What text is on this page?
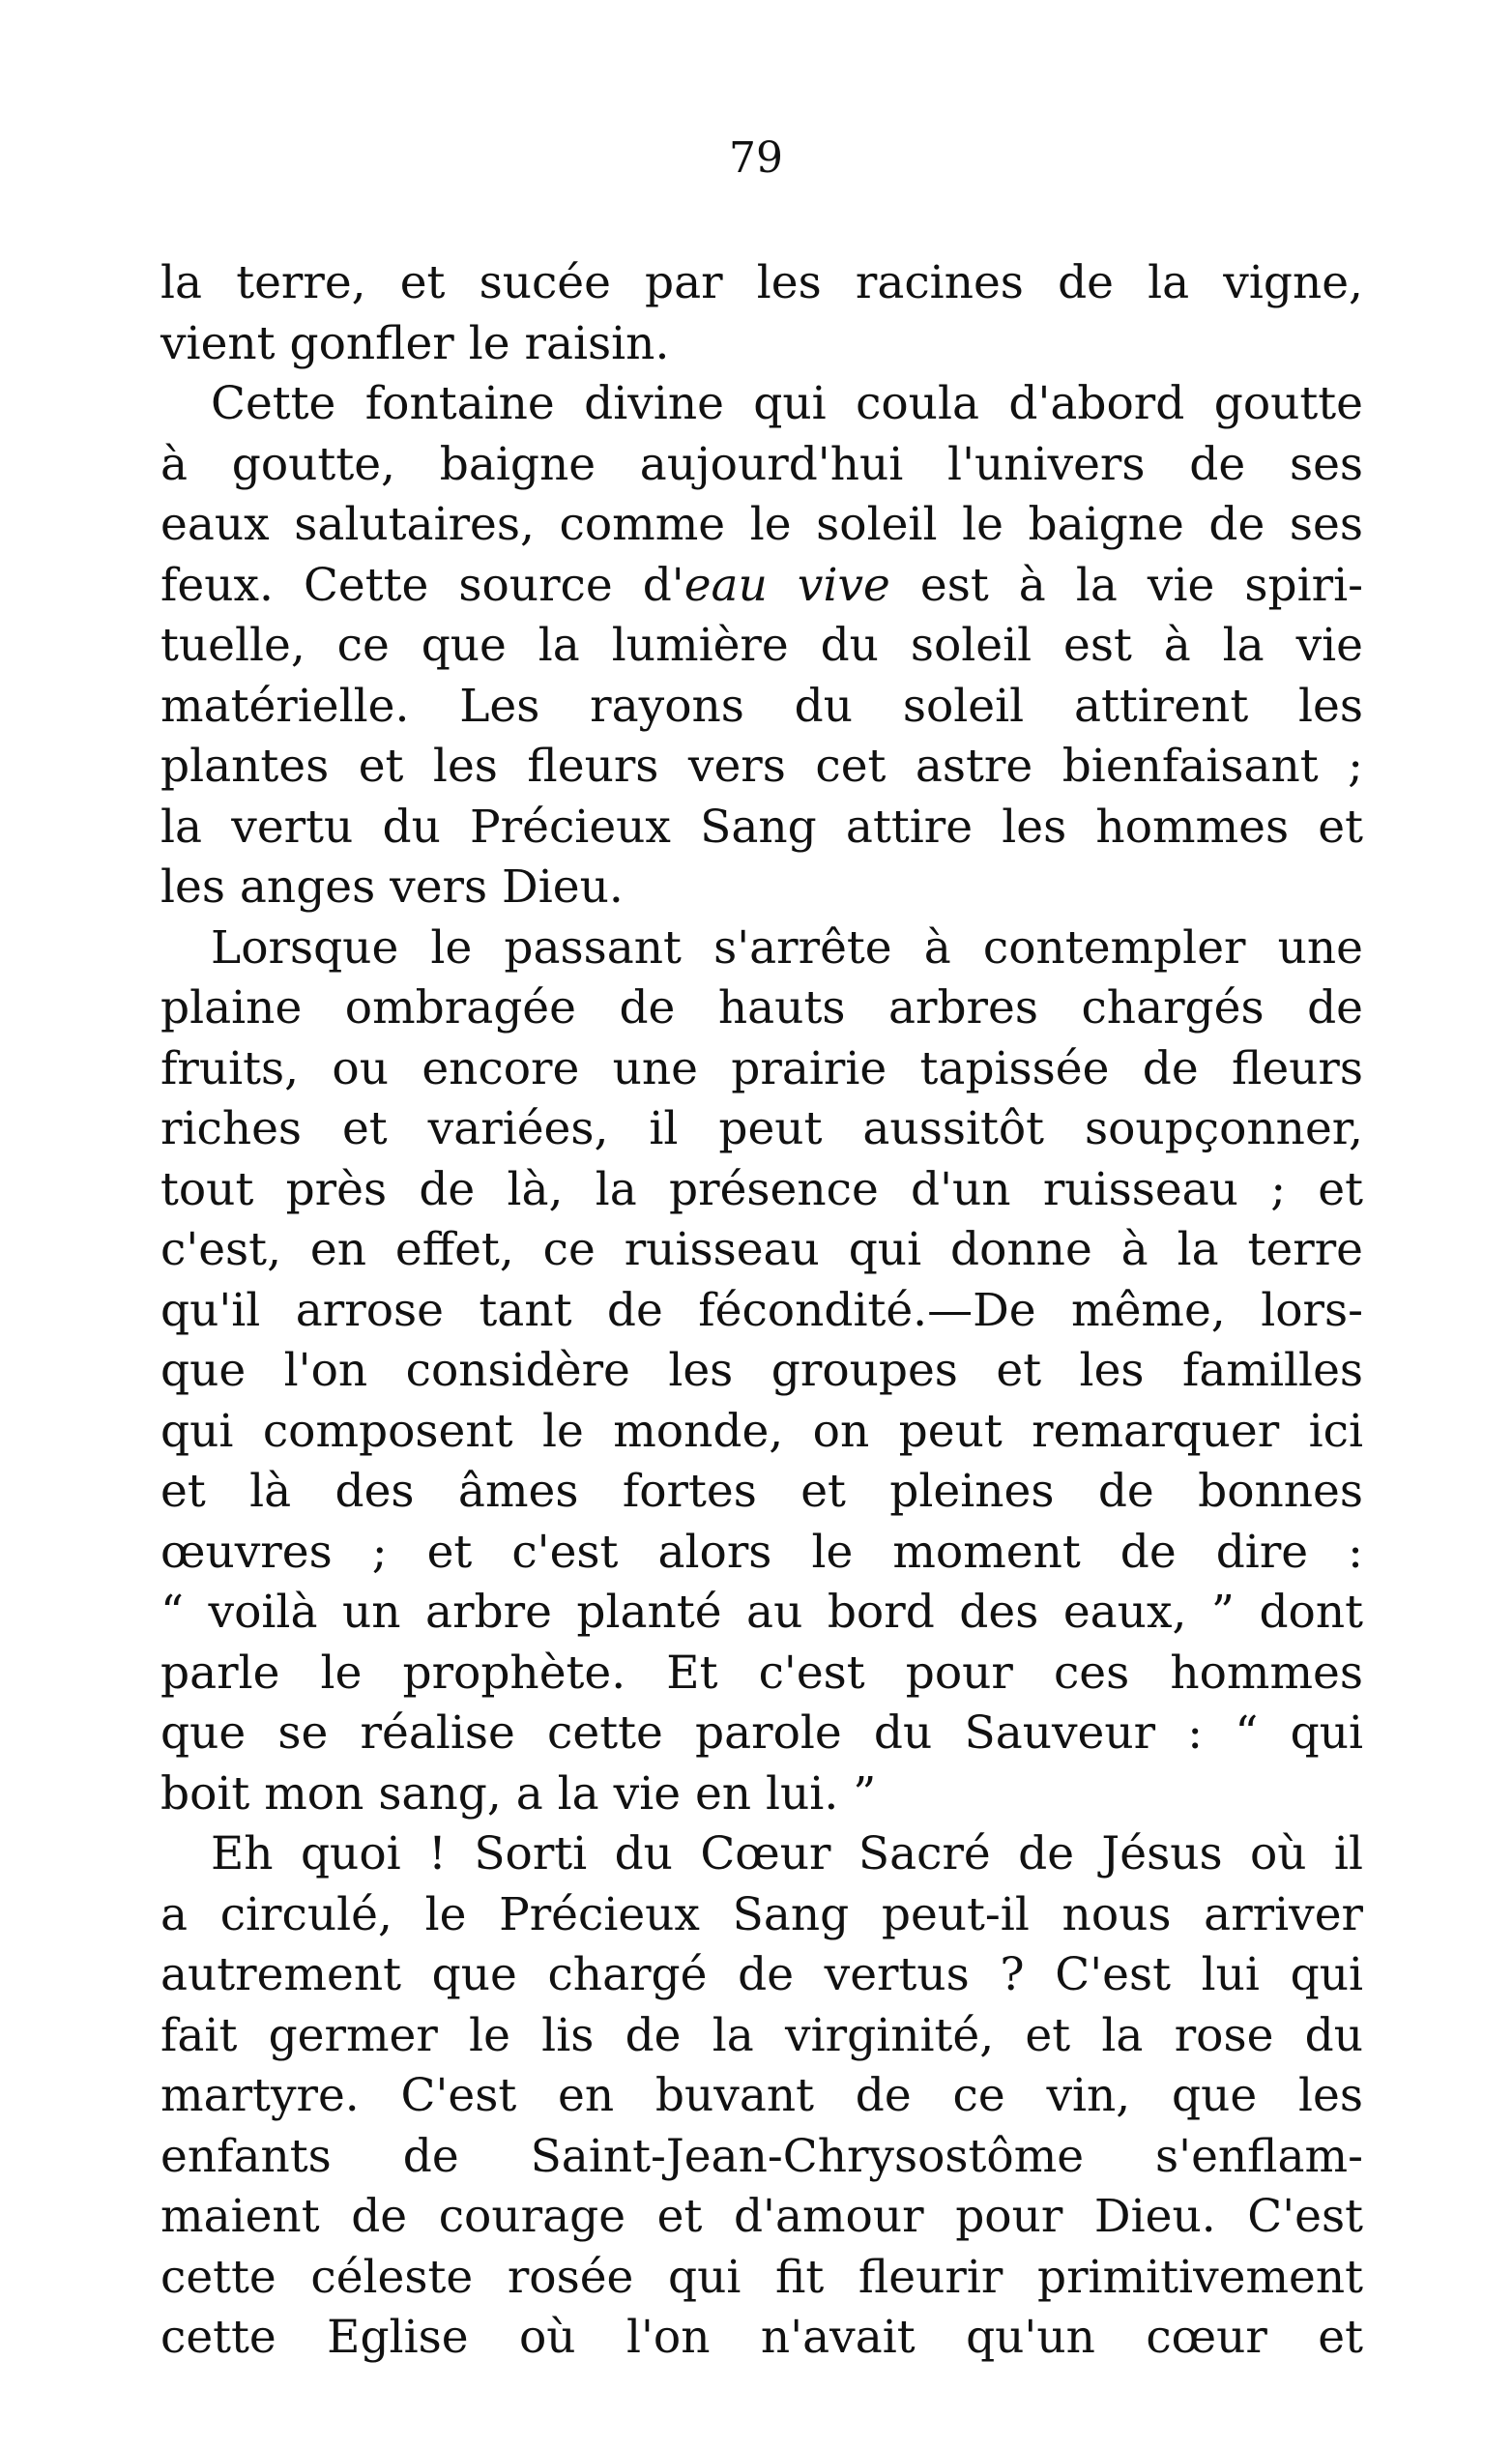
79
la terre, et sucée par les racines de la vigne,
vient gonfler le raisin.
Cette fontaine divine qui coula d'abord goutte
à goutte, baigne aujourd'hui l'univers de ses
eaux salutaires, comme le soleil le baigne de ses
feux. Cette source d'eau vive est à la vie spiri-
tuelle, ce que la lumière du soleil est à la vie
matérielle. Les rayons du soleil attirent les
plantes et les fleurs vers cet astre bienfaisant ;
la vertu du Précieux Sang attire les hommes et
les anges vers Dieu.
Lorsque le passant s'arrête à contempler une
plaine ombragée de hauts arbres chargés de
fruits, ou encore une prairie tapissée de fleurs
riches et variées, il peut aussitôt soupçonner,
tout près de là, la présence d'un ruisseau ; et
c'est, en effet, ce ruisseau qui donne à la terre
qu'il arrose tant de fécondité.—De même, lors-
que l'on considère les groupes et les familles
qui composent le monde, on peut remarquer ici
et là des âmes fortes et pleines de bonnes
œuvres ; et c'est alors le moment de dire :
“ voilà un arbre planté au bord des eaux, ” dont
parle le prophète. Et c'est pour ces hommes
que se réalise cette parole du Sauveur : “ qui
boit mon sang, a la vie en lui. ”
Eh quoi ! Sorti du Cœur Sacré de Jésus où il
a circulé, le Précieux Sang peut-il nous arriver
autrement que chargé de vertus ? C'est lui qui
fait germer le lis de la virginité, et la rose du
martyre. C'est en buvant de ce vin, que les
enfants de Saint-Jean-Chrysostôme s'enflam-
maient de courage et d'amour pour Dieu. C'est
cette céleste rosée qui fit fleurir primitivement
cette Eglise où l'on n'avait qu'un cœur et
